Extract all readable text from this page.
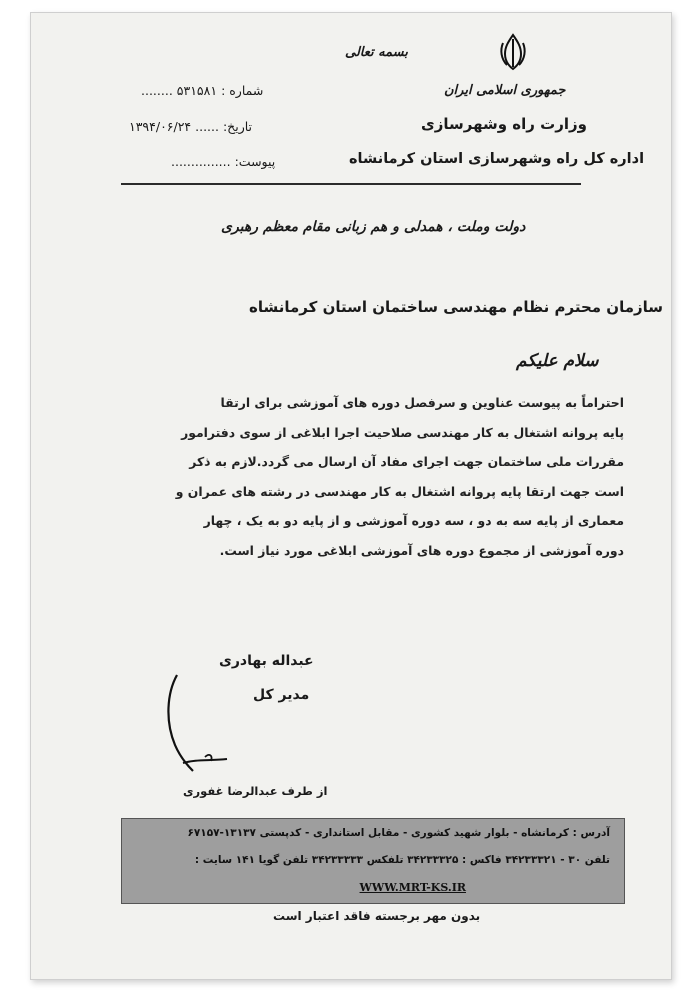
بسمه تعالی
جمهوری اسلامی ایران
وزارت راه وشهرسازی
اداره کل راه وشهرسازی استان کرمانشاه
شماره : ۵۳۱۵۸۱ ........
تاریخ: ...... ۱۳۹۴/۰۶/۲۴
پیوست: ...............
دولت وملت ، همدلی و هم زبانی مقام معظم رهبری
سازمان محترم نظام مهندسی ساختمان استان کرمانشاه
سلام علیکم
احتراماً به پیوست عناوین و سرفصل دوره های آموزشی برای ارتقا
پایه پروانه اشتغال به کار مهندسی صلاحیت اجرا ابلاغی از سوی دفترامور
مقررات ملی ساختمان جهت اجرای مفاد آن ارسال می گردد.لازم به ذکر
است جهت ارتقا پایه پروانه اشتغال به کار مهندسی در رشته های عمران و
معماری از پایه سه به دو ، سه دوره آموزشی و از پایه دو به یک ، چهار
دوره آموزشی از مجموع دوره های آموزشی ابلاغی مورد نیاز است.
عبداله بهادری
مدیر کل
از طرف عبدالرضا غفوری
آدرس : کرمانشاه - بلوار شهید کشوری - مقابل استانداری - کدپستی ۱۳۱۳۷-۶۷۱۵۷
تلفن ۳۰ - ۳۴۲۳۳۳۲۱ فاکس : ۳۴۲۳۳۳۲۵ تلفکس ۳۴۲۳۳۳۳۳ تلفن گویا ۱۴۱ سایت :
WWW.MRT-KS.IR
بدون مهر برجسته فاقد اعتبار است
